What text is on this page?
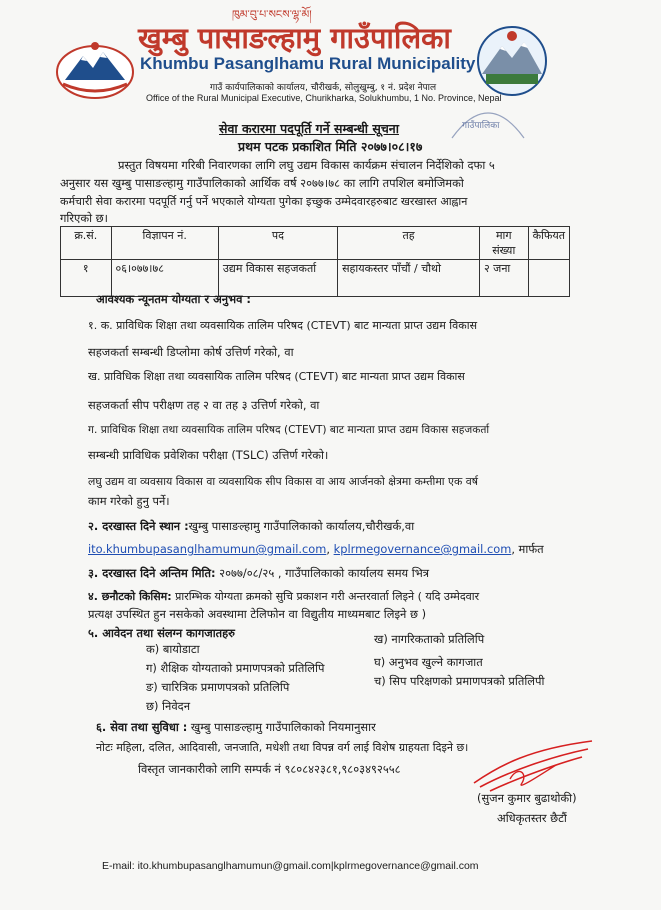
ཁུམ་བུ་པ་སངས་ལྷ་མོ།
खुम्बु पासाङल्हामु गाउँपालिका
Khumbu Pasanglhamu Rural Municipality
गाउँ कार्यपालिकाको कार्यालय, चौरीखर्क, सोलुखुम्बु, १ नं. प्रदेश नेपाल
Office of the Rural Municipal Executive, Churikharka, Solukhumbu, 1 No. Province, Nepal
गाउँपालिका
सेवा करारमा पदपूर्ति गर्ने सम्बन्धी सूचना
प्रथम पटक प्रकाशित मिति २०७७।०८।१७
प्रस्तुत विषयमा गरिबी निवारणका लागि लघु उद्यम विकास कार्यक्रम संचालन निर्देशिको दफा ५
अनुसार यस खुम्बु पासाङल्हामु गाउँपालिकाको आर्थिक वर्ष २०७७।७८ का लागि तपशिल बमोजिमको
कर्मचारी सेवा करारमा पदपूर्ति गर्नु पर्ने भएकाले योग्यता पुगेका इच्छुक उम्मेदवारहरुबाट खरखास्त आह्वान
गरिएको छ।
क्र.सं.	विज्ञापन नं.	पद	तह	माग संख्या	कैफियत
१	०६।०७७।७८	उद्यम विकास सहजकर्ता	सहायकस्तर पाँचौं / चौथो	२ जना	
आवश्यक न्यूनतम योग्यता र अनुभव :
१. क. प्राविधिक शिक्षा तथा व्यवसायिक तालिम परिषद (CTEVT) बाट मान्यता प्राप्त उद्यम विकास
सहजकर्ता सम्बन्धी डिप्लोमा कोर्ष उत्तिर्ण गरेको, वा
ख. प्राविधिक शिक्षा तथा व्यवसायिक तालिम परिषद (CTEVT) बाट मान्यता प्राप्त उद्यम विकास
सहजकर्ता सीप परीक्षण तह २ वा तह ३ उत्तिर्ण गरेको, वा
ग. प्राविधिक शिक्षा तथा व्यवसायिक तालिम परिषद (CTEVT) बाट मान्यता प्राप्त उद्यम विकास सहजकर्ता
सम्बन्धी प्राविधिक प्रवेशिका परीक्षा (TSLC) उत्तिर्ण गरेको।
लघु उद्यम वा व्यवसाय विकास वा व्यवसायिक सीप विकास वा आय आर्जनको क्षेत्रमा कम्तीमा एक वर्ष
काम गरेको हुनु पर्ने।
२. दरखास्त दिने स्थान :खुम्बु पासाङल्हामु गाउँपालिकाको कार्यालय,चौरीखर्क,वा
ito.khumbupasanglhamumun@gmail.com, kplrmegovernance@gmail.com, मार्फत
३. दरखास्त दिने अन्तिम मिति: २०७७/०८/२५ , गाउँपालिकाको कार्यालय समय भित्र
४. छनौटको किसिम: प्रारम्भिक योग्यता क्रमको सुचि प्रकाशन गरी अन्तरवार्ता लिइने ( यदि उम्मेदवार
प्रत्यक्ष उपस्थित हुन नसकेको अवस्थामा टेलिफोन वा विद्युतीय माध्यमबाट लिइने छ )
५. आवेदन तथा संलग्न कागजातहरु
क) बायोडाटा
ग) शैक्षिक योग्यताको प्रमाणपत्रको प्रतिलिपि
ङ) चारित्रिक प्रमाणपत्रको प्रतिलिपि
छ) निवेदन
ख) नागरिकताको प्रतिलिपि
घ) अनुभव खुल्ने कागजात
च) सिप परिक्षणको प्रमाणपत्रको प्रतिलिपी
६. सेवा तथा सुविधा : खुम्बु पासाङल्हामु गाउँपालिकाको नियमानुसार
नोटः महिला, दलित, आदिवासी, जनजाति, मधेशी तथा विपन्न वर्ग लाई विशेष ग्राहयता दिइने छ।
विस्तृत जानकारीको लागि सम्पर्क नं ९८०८४२३८१,९८०३४९२५५८
(सुजन कुमार बुढाथोकी)
अधिकृतस्तर छैटौं
E-mail: ito.khumbupasanglhamumun@gmail.com|kplrmegovernance@gmail.com
